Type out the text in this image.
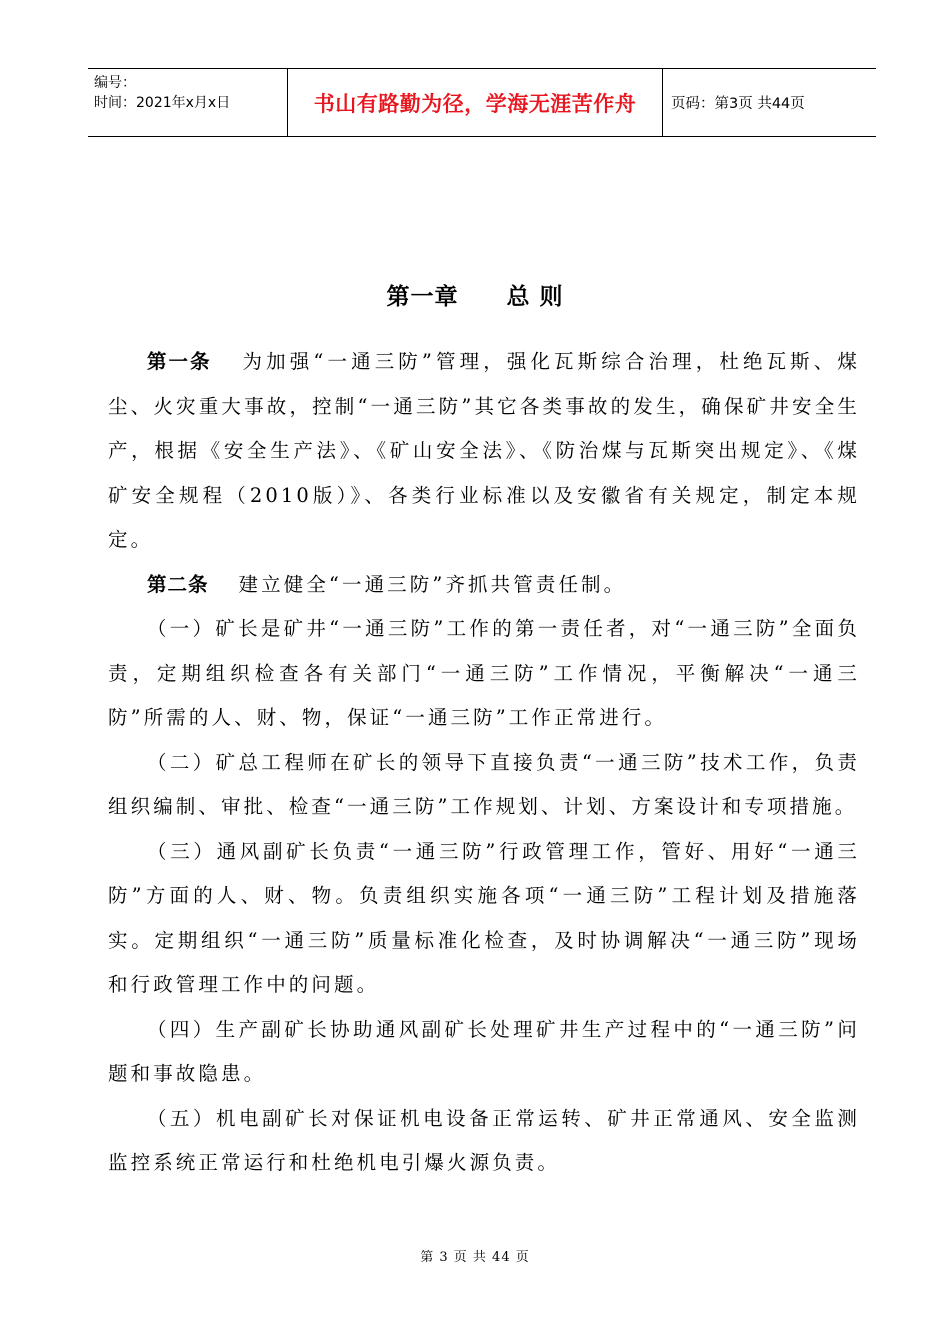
编号：
时间：2021年x月x日	书山有路勤为径，学海无涯苦作舟	页码：第3页 共44页
第一章 总 则

第一条 为加强“一通三防”管理，强化瓦斯综合治理，杜绝瓦斯、煤尘、火灾重大事故，控制“一通三防”其它各类事故的发生，确保矿井安全生产，根据《安全生产法》、《矿山安全法》、《防治煤与瓦斯突出规定》、《煤矿安全规程（2010版）》、各类行业标准以及安徽省有关规定，制定本规定。

第二条 建立健全“一通三防”齐抓共管责任制。

（一）矿长是矿井“一通三防”工作的第一责任者，对“一通三防”全面负责，定期组织检查各有关部门“一通三防”工作情况，平衡解决“一通三防”所需的人、财、物，保证“一通三防”工作正常进行。

（二）矿总工程师在矿长的领导下直接负责“一通三防”技术工作，负责组织编制、审批、检查“一通三防”工作规划、计划、方案设计和专项措施。

（三）通风副矿长负责“一通三防”行政管理工作，管好、用好“一通三防”方面的人、财、物。负责组织实施各项“一通三防”工程计划及措施落实。定期组织“一通三防”质量标准化检查，及时协调解决“一通三防”现场和行政管理工作中的问题。

（四）生产副矿长协助通风副矿长处理矿井生产过程中的“一通三防”问题和事故隐患。

（五）机电副矿长对保证机电设备正常运转、矿井正常通风、安全监测监控系统正常运行和杜绝机电引爆火源负责。

第 3 页 共 44 页
